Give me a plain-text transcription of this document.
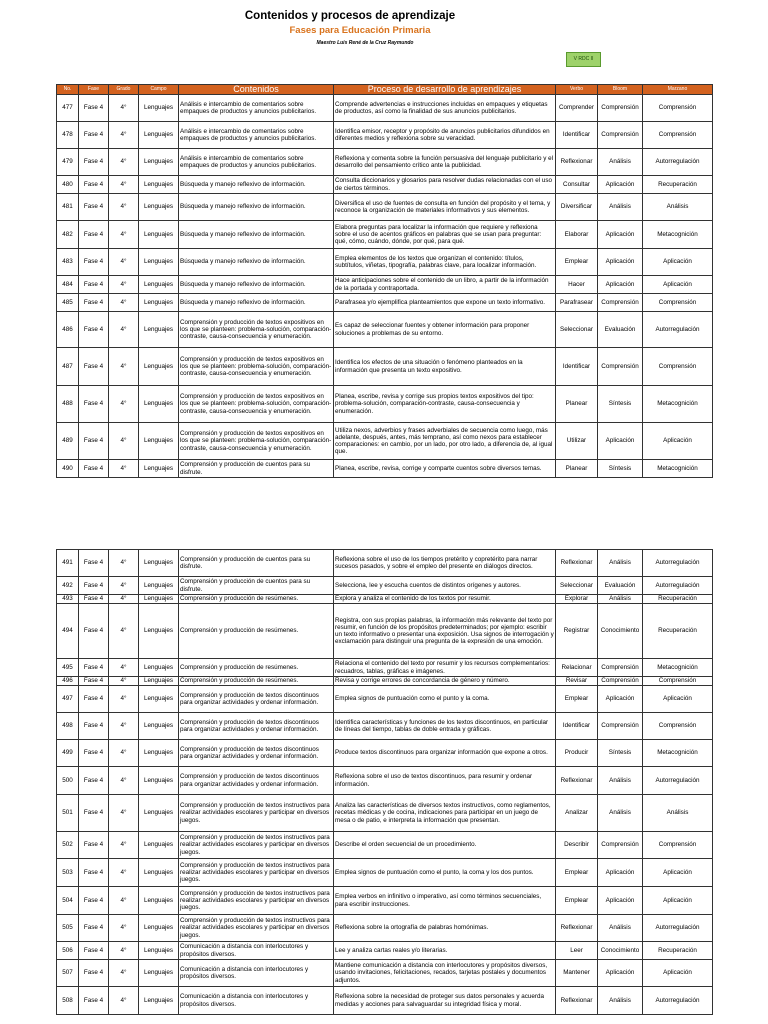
Contenidos y procesos de aprendizaje
Fases para Educación Primaria
Maestro Luis René de la Cruz Raymundo
V RDC II
No.	Fase	Grado	Campo	Contenidos	Proceso de desarrollo de aprendizajes	Verbo	Bloom	Marzano
477	Fase 4	4°	Lenguajes	Análisis e intercambio de comentarios sobre empaques de productos y anuncios publicitarios.	Comprende advertencias e instrucciones incluidas en empaques y etiquetas de productos, así como la finalidad de sus anuncios publicitarios.	Comprender	Comprensión	Comprensión
478	Fase 4	4°	Lenguajes	Análisis e intercambio de comentarios sobre empaques de productos y anuncios publicitarios.	Identifica emisor, receptor y propósito de anuncios publicitarios difundidos en diferentes medios y reflexiona sobre su veracidad.	Identificar	Comprensión	Comprensión
479	Fase 4	4°	Lenguajes	Análisis e intercambio de comentarios sobre empaques de productos y anuncios publicitarios.	Reflexiona y comenta sobre la función persuasiva del lenguaje publicitario y el desarrollo del pensamiento crítico ante la publicidad.	Reflexionar	Análisis	Autorregulación
480	Fase 4	4°	Lenguajes	Búsqueda y manejo reflexivo de información.	Consulta diccionarios y glosarios para resolver dudas relacionadas con el uso de ciertos términos.	Consultar	Aplicación	Recuperación
481	Fase 4	4°	Lenguajes	Búsqueda y manejo reflexivo de información.	Diversifica el uso de fuentes de consulta en función del propósito y el tema, y reconoce la organización de materiales informativos y sus elementos.	Diversificar	Análisis	Análisis
482	Fase 4	4°	Lenguajes	Búsqueda y manejo reflexivo de información.	Elabora preguntas para localizar la información que requiere y reflexiona sobre el uso de acentos gráficos en palabras que se usan para preguntar: qué, cómo, cuándo, dónde, por qué, para qué.	Elaborar	Aplicación	Metacognición
483	Fase 4	4°	Lenguajes	Búsqueda y manejo reflexivo de información.	Emplea elementos de los textos que organizan el contenido: títulos, subtítulos, viñetas, tipografía, palabras clave, para localizar información.	Emplear	Aplicación	Aplicación
484	Fase 4	4°	Lenguajes	Búsqueda y manejo reflexivo de información.	Hace anticipaciones sobre el contenido de un libro, a partir de la información de la portada y contraportada.	Hacer	Aplicación	Aplicación
485	Fase 4	4°	Lenguajes	Búsqueda y manejo reflexivo de información.	Parafrasea y/o ejemplifica planteamientos que expone un texto informativo.	Parafrasear	Comprensión	Comprensión
486	Fase 4	4°	Lenguajes	Comprensión y producción de textos expositivos en los que se planteen: problema-solución, comparación-contraste, causa-consecuencia y enumeración.	Es capaz de seleccionar fuentes y obtener información para proponer soluciones a problemas de su entorno.	Seleccionar	Evaluación	Autorregulación
487	Fase 4	4°	Lenguajes	Comprensión y producción de textos expositivos en los que se planteen: problema-solución, comparación-contraste, causa-consecuencia y enumeración.	Identifica los efectos de una situación o fenómeno planteados en la información que presenta un texto expositivo.	Identificar	Comprensión	Comprensión
488	Fase 4	4°	Lenguajes	Comprensión y producción de textos expositivos en los que se planteen: problema-solución, comparación-contraste, causa-consecuencia y enumeración.	Planea, escribe, revisa y corrige sus propios textos expositivos del tipo: problema-solución, comparación-contraste, causa-consecuencia y enumeración.	Planear	Síntesis	Metacognición
489	Fase 4	4°	Lenguajes	Comprensión y producción de textos expositivos en los que se planteen: problema-solución, comparación-contraste, causa-consecuencia y enumeración.	Utiliza nexos, adverbios y frases adverbiales de secuencia como luego, más adelante, después, antes, más temprano, así como nexos para establecer comparaciones: en cambio, por un lado, por otro lado, a diferencia de, al igual que.	Utilizar	Aplicación	Aplicación
490	Fase 4	4°	Lenguajes	Comprensión y producción de cuentos para su disfrute.	Planea, escribe, revisa, corrige y comparte cuentos sobre diversos temas.	Planear	Síntesis	Metacognición
491	Fase 4	4°	Lenguajes	Comprensión y producción de cuentos para su disfrute.	Reflexiona sobre el uso de los tiempos pretérito y copretérito para narrar sucesos pasados, y sobre el empleo del presente en diálogos directos.	Reflexionar	Análisis	Autorregulación
492	Fase 4	4°	Lenguajes	Comprensión y producción de cuentos para su disfrute.	Selecciona, lee y escucha cuentos de distintos orígenes y autores.	Seleccionar	Evaluación	Autorregulación
493	Fase 4	4°	Lenguajes	Comprensión y producción de resúmenes.	Explora y analiza el contenido de los textos por resumir.	Explorar	Análisis	Recuperación
494	Fase 4	4°	Lenguajes	Comprensión y producción de resúmenes.	Registra, con sus propias palabras, la información más relevante del texto por resumir, en función de los propósitos predeterminados; por ejemplo: escribir un texto informativo o presentar una exposición. Usa signos de interrogación y exclamación para distinguir una pregunta de la expresión de una emoción.	Registrar	Conocimiento	Recuperación
495	Fase 4	4°	Lenguajes	Comprensión y producción de resúmenes.	Relaciona el contenido del texto por resumir y los recursos complementarios: recuadros, tablas, gráficas e imágenes.	Relacionar	Comprensión	Metacognición
496	Fase 4	4°	Lenguajes	Comprensión y producción de resúmenes.	Revisa y corrige errores de concordancia de género y número.	Revisar	Comprensión	Comprensión
497	Fase 4	4°	Lenguajes	Comprensión y producción de textos discontinuos para organizar actividades y ordenar información.	Emplea signos de puntuación como el punto y la coma.	Emplear	Aplicación	Aplicación
498	Fase 4	4°	Lenguajes	Comprensión y producción de textos discontinuos para organizar actividades y ordenar información.	Identifica características y funciones de los textos discontinuos, en particular de líneas del tiempo, tablas de doble entrada y gráficas.	Identificar	Comprensión	Comprensión
499	Fase 4	4°	Lenguajes	Comprensión y producción de textos discontinuos para organizar actividades y ordenar información.	Produce textos discontinuos para organizar información que expone a otros.	Producir	Síntesis	Metacognición
500	Fase 4	4°	Lenguajes	Comprensión y producción de textos discontinuos para organizar actividades y ordenar información.	Reflexiona sobre el uso de textos discontinuos, para resumir y ordenar información.	Reflexionar	Análisis	Autorregulación
501	Fase 4	4°	Lenguajes	Comprensión y producción de textos instructivos para realizar actividades escolares y participar en diversos juegos.	Analiza las características de diversos textos instructivos, como reglamentos, recetas médicas y de cocina, indicaciones para participar en un juego de mesa o de patio, e interpreta la información que presentan.	Analizar	Análisis	Análisis
502	Fase 4	4°	Lenguajes	Comprensión y producción de textos instructivos para realizar actividades escolares y participar en diversos juegos.	Describe el orden secuencial de un procedimiento.	Describir	Comprensión	Comprensión
503	Fase 4	4°	Lenguajes	Comprensión y producción de textos instructivos para realizar actividades escolares y participar en diversos juegos.	Emplea signos de puntuación como el punto, la coma y los dos puntos.	Emplear	Aplicación	Aplicación
504	Fase 4	4°	Lenguajes	Comprensión y producción de textos instructivos para realizar actividades escolares y participar en diversos juegos.	Emplea verbos en infinitivo o imperativo, así como términos secuenciales, para escribir instrucciones.	Emplear	Aplicación	Aplicación
505	Fase 4	4°	Lenguajes	Comprensión y producción de textos instructivos para realizar actividades escolares y participar en diversos juegos.	Reflexiona sobre la ortografía de palabras homónimas.	Reflexionar	Análisis	Autorregulación
506	Fase 4	4°	Lenguajes	Comunicación a distancia con interlocutores y propósitos diversos.	Lee y analiza cartas reales y/o literarias.	Leer	Conocimiento	Recuperación
507	Fase 4	4°	Lenguajes	Comunicación a distancia con interlocutores y propósitos diversos.	Mantiene comunicación a distancia con interlocutores y propósitos diversos, usando invitaciones, felicitaciones, recados, tarjetas postales y documentos adjuntos.	Mantener	Aplicación	Aplicación
508	Fase 4	4°	Lenguajes	Comunicación a distancia con interlocutores y propósitos diversos.	Reflexiona sobre la necesidad de proteger sus datos personales y acuerda medidas y acciones para salvaguardar su integridad física y moral.	Reflexionar	Análisis	Autorregulación
